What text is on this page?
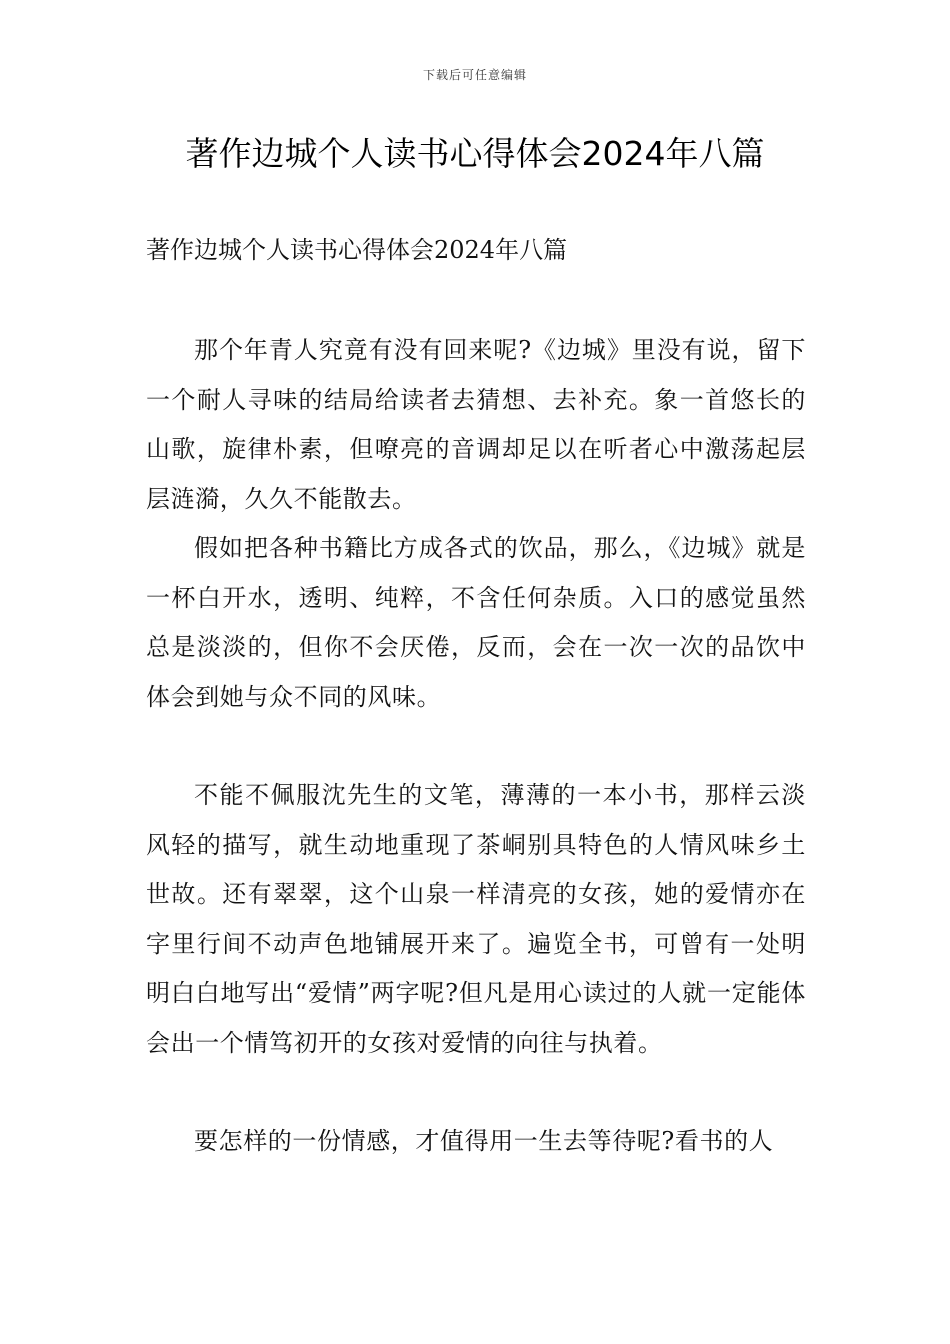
下载后可任意编辑
著作边城个人读书心得体会2024年八篇

著作边城个人读书心得体会2024年八篇

那个年青人究竟有没有回来呢?《边城》里没有说，留下一个耐人寻味的结局给读者去猜想、去补充。象一首悠长的山歌，旋律朴素，但嘹亮的音调却足以在听者心中激荡起层层涟漪，久久不能散去。

假如把各种书籍比方成各式的饮品，那么，《边城》就是一杯白开水，透明、纯粹，不含任何杂质。入口的感觉虽然总是淡淡的，但你不会厌倦，反而，会在一次一次的品饮中体会到她与众不同的风味。

不能不佩服沈先生的文笔，薄薄的一本小书，那样云淡风轻的描写，就生动地重现了茶峒别具特色的人情风味乡土世故。还有翠翠，这个山泉一样清亮的女孩，她的爱情亦在字里行间不动声色地铺展开来了。遍览全书，可曾有一处明明白白地写出“爱情”两字呢?但凡是用心读过的人就一定能体会出一个情笃初开的女孩对爱情的向往与执着。

要怎样的一份情感，才值得用一生去等待呢?看书的人
